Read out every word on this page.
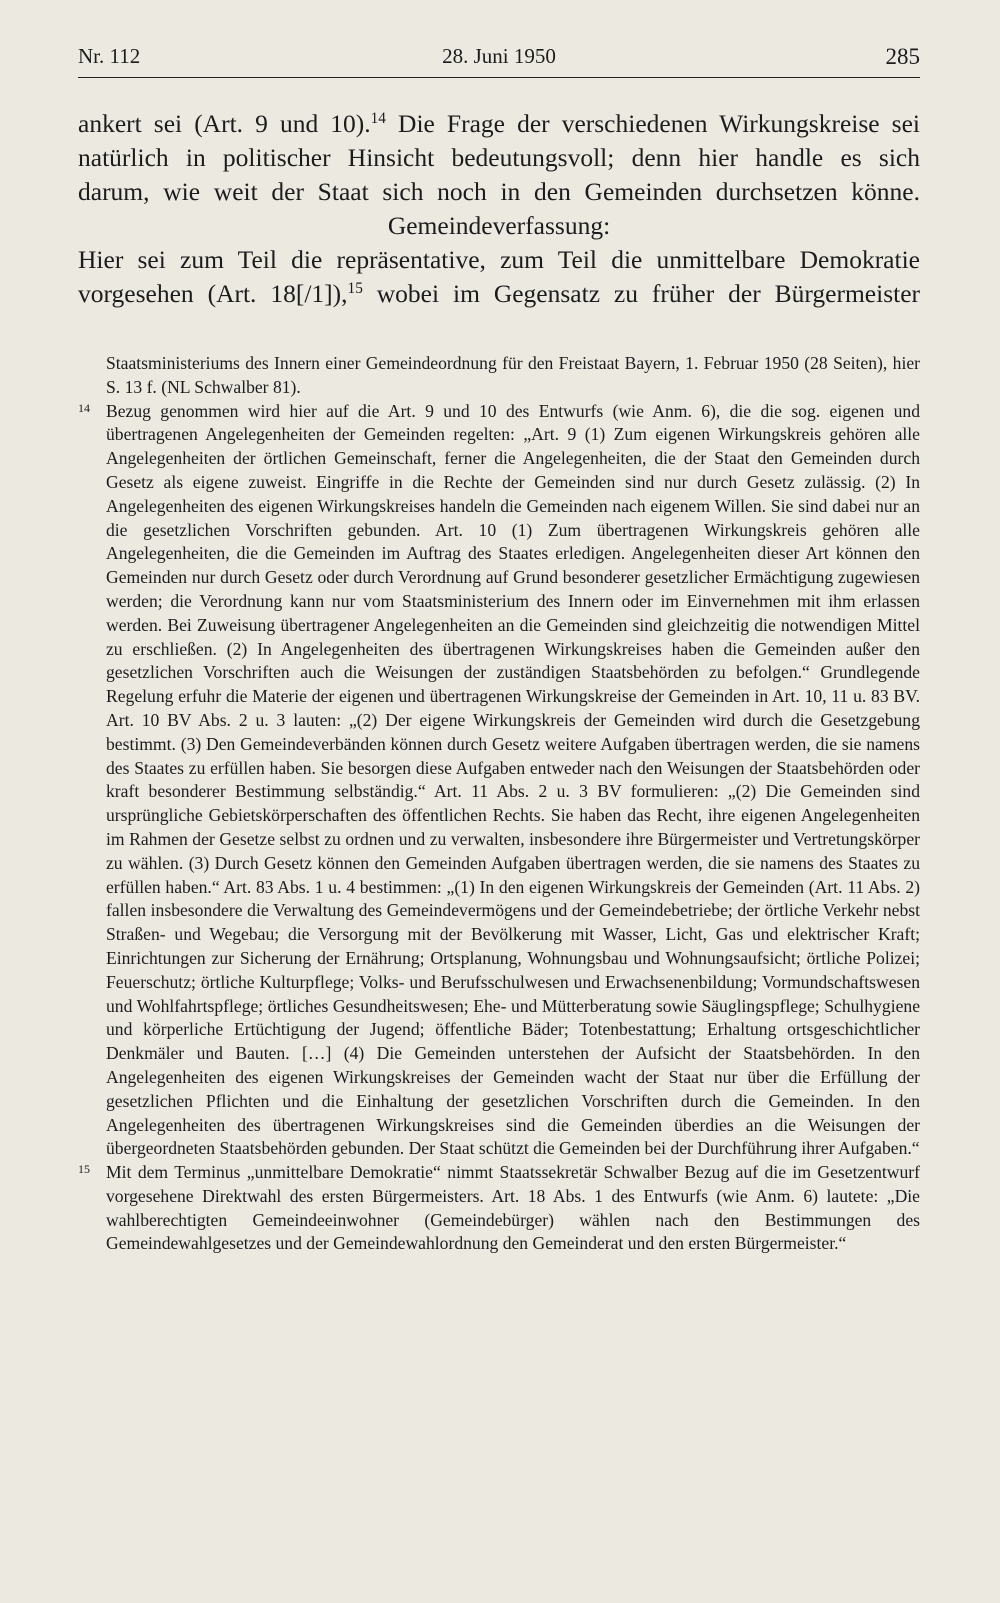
Nr. 112	28. Juni 1950	285

ankert sei (Art. 9 und 10).$^{14}$ Die Frage der verschiedenen Wirkungskreise sei

natürlich in politischer Hinsicht bedeutungsvoll; denn hier handle es sich

darum, wie weit der Staat sich noch in den Gemeinden durchsetzen könne.

Gemeindeverfassung:

Hier sei zum Teil die repräsentative, zum Teil die unmittelbare Demokratie

vorgesehen (Art. 18[/1]),$^{15}$ wobei im Gegensatz zu früher der Bürgermeister

Staatsministeriums des Innern einer Gemeindeordnung für den Freistaat Bayern, 1. Februar 1950 (28 Seiten), hier S. 13 f. (NL Schwalber 81).

14 Bezug genommen wird hier auf die Art. 9 und 10 des Entwurfs (wie Anm. 6), die die sog. eigenen und übertragenen Angelegenheiten der Gemeinden regelten: „Art. 9 (1) Zum eigenen Wirkungskreis gehören alle Angelegenheiten der örtlichen Gemeinschaft, ferner die Angelegenheiten, die der Staat den Gemeinden durch Gesetz als eigene zuweist. Eingriffe in die Rechte der Gemeinden sind nur durch Gesetz zulässig. (2) In Angelegenheiten des eigenen Wirkungskreises handeln die Gemeinden nach eigenem Willen. Sie sind dabei nur an die gesetzlichen Vorschriften gebunden. Art. 10 (1) Zum übertragenen Wirkungskreis gehören alle Angelegenheiten, die die Gemeinden im Auftrag des Staates erledigen. Angelegenheiten dieser Art können den Gemeinden nur durch Gesetz oder durch Verordnung auf Grund besonderer gesetzlicher Ermächtigung zugewiesen werden; die Verordnung kann nur vom Staatsministerium des Innern oder im Einvernehmen mit ihm erlassen werden. Bei Zuweisung übertragener Angelegenheiten an die Gemeinden sind gleichzeitig die notwendigen Mittel zu erschließen. (2) In Angelegenheiten des übertragenen Wirkungskreises haben die Gemeinden außer den gesetzlichen Vorschriften auch die Weisungen der zuständigen Staatsbehörden zu befolgen.“ Grundlegende Regelung erfuhr die Materie der eigenen und übertragenen Wirkungskreise der Gemeinden in Art. 10, 11 u. 83 BV. Art. 10 BV Abs. 2 u. 3 lauten: „(2) Der eigene Wirkungskreis der Gemeinden wird durch die Gesetzgebung bestimmt. (3) Den Gemeindeverbänden können durch Gesetz weitere Aufgaben übertragen werden, die sie namens des Staates zu erfüllen haben. Sie besorgen diese Aufgaben entweder nach den Weisungen der Staatsbehörden oder kraft besonderer Bestimmung selbständig.“ Art. 11 Abs. 2 u. 3 BV formulieren: „(2) Die Gemeinden sind ursprüngliche Gebietskörperschaften des öffentlichen Rechts. Sie haben das Recht, ihre eigenen Angelegenheiten im Rahmen der Gesetze selbst zu ordnen und zu verwalten, insbesondere ihre Bürgermeister und Vertretungskörper zu wählen. (3) Durch Gesetz können den Gemeinden Aufgaben übertragen werden, die sie namens des Staates zu erfüllen haben.“ Art. 83 Abs. 1 u. 4 bestimmen: „(1) In den eigenen Wirkungskreis der Gemeinden (Art. 11 Abs. 2) fallen insbesondere die Verwaltung des Gemeindevermögens und der Gemeindebetriebe; der örtliche Verkehr nebst Straßen- und Wegebau; die Versorgung mit der Bevölkerung mit Wasser, Licht, Gas und elektrischer Kraft; Einrichtungen zur Sicherung der Ernährung; Ortsplanung, Wohnungsbau und Wohnungsaufsicht; örtliche Polizei; Feuerschutz; örtliche Kulturpflege; Volks- und Berufsschulwesen und Erwachsenenbildung; Vormundschaftswesen und Wohlfahrtspflege; örtliches Gesundheitswesen; Ehe- und Mütterberatung sowie Säuglingspflege; Schulhygiene und körperliche Ertüchtigung der Jugend; öffentliche Bäder; Totenbestattung; Erhaltung ortsgeschichtlicher Denkmäler und Bauten. […] (4) Die Gemeinden unterstehen der Aufsicht der Staatsbehörden. In den Angelegenheiten des eigenen Wirkungskreises der Gemeinden wacht der Staat nur über die Erfüllung der gesetzlichen Pflichten und die Einhaltung der gesetzlichen Vorschriften durch die Gemeinden. In den Angelegenheiten des übertragenen Wirkungskreises sind die Gemeinden überdies an die Weisungen der übergeordneten Staatsbehörden gebunden. Der Staat schützt die Gemeinden bei der Durchführung ihrer Aufgaben.“

15 Mit dem Terminus „unmittelbare Demokratie“ nimmt Staatssekretär Schwalber Bezug auf die im Gesetzentwurf vorgesehene Direktwahl des ersten Bürgermeisters. Art. 18 Abs. 1 des Entwurfs (wie Anm. 6) lautete: „Die wahlberechtigten Gemeindeeinwohner (Gemeindebürger) wählen nach den Bestimmungen des Gemeindewahlgesetzes und der Gemeindewahlordnung den Gemeinderat und den ersten Bürgermeister.“
